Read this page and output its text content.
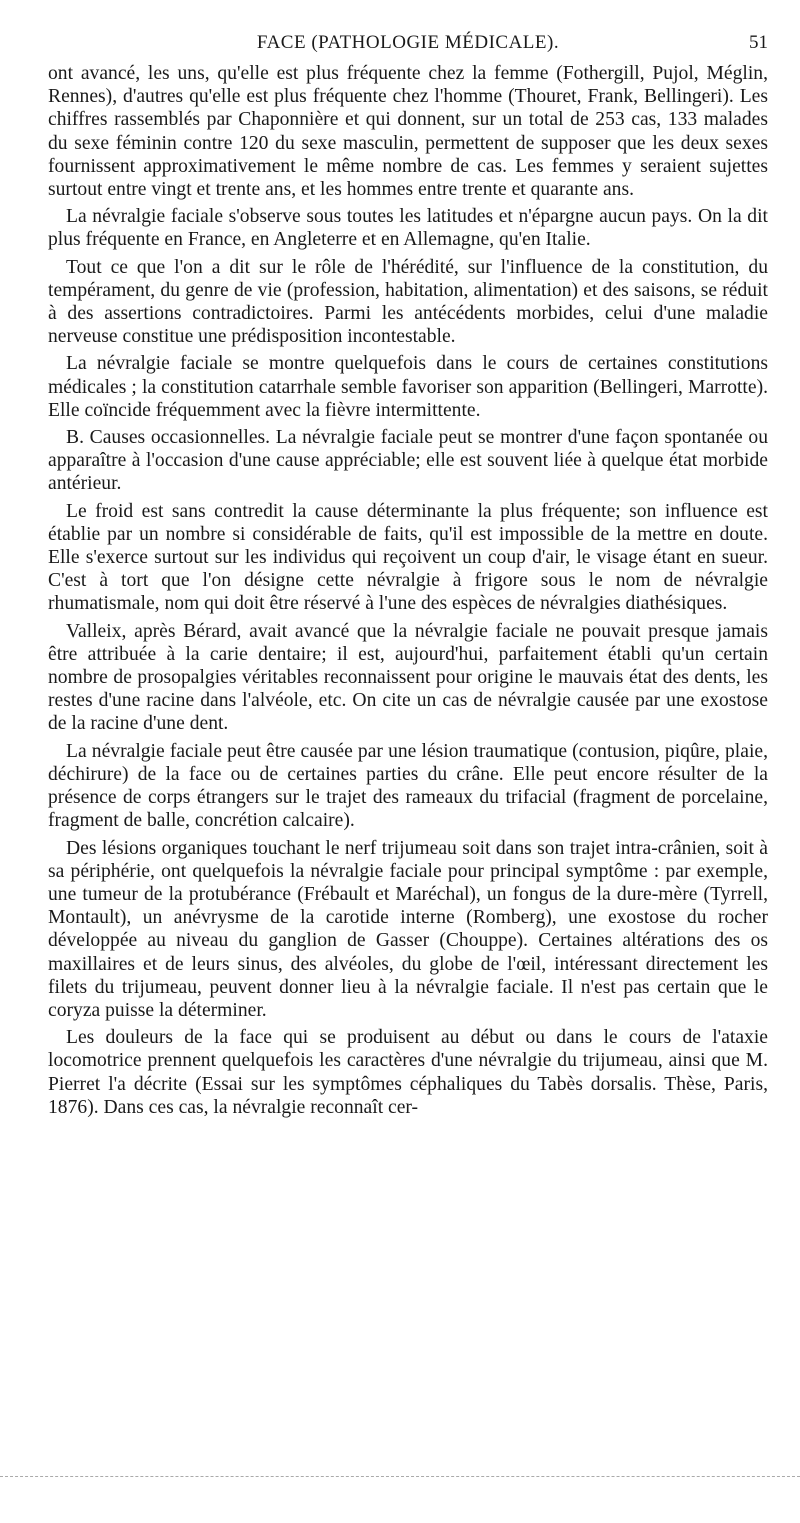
FACE (PATHOLOGIE MÉDICALE).	51

ont avancé, les uns, qu'elle est plus fréquente chez la femme (Fothergill, Pujol, Méglin, Rennes), d'autres qu'elle est plus fréquente chez l'homme (Thouret, Frank, Bellingeri). Les chiffres rassemblés par Chaponnière et qui donnent, sur un total de 253 cas, 133 malades du sexe féminin contre 120 du sexe masculin, permettent de supposer que les deux sexes fournissent approximativement le même nombre de cas. Les femmes y seraient sujettes surtout entre vingt et trente ans, et les hommes entre trente et quarante ans.

La névralgie faciale s'observe sous toutes les latitudes et n'épargne aucun pays. On la dit plus fréquente en France, en Angleterre et en Allemagne, qu'en Italie.

Tout ce que l'on a dit sur le rôle de l'hérédité, sur l'influence de la constitution, du tempérament, du genre de vie (profession, habitation, alimentation) et des saisons, se réduit à des assertions contradictoires. Parmi les antécédents morbides, celui d'une maladie nerveuse constitue une prédisposition incontestable.

La névralgie faciale se montre quelquefois dans le cours de certaines constitutions médicales ; la constitution catarrhale semble favoriser son apparition (Bellingeri, Marrotte). Elle coïncide fréquemment avec la fièvre intermittente.

B. Causes occasionnelles. La névralgie faciale peut se montrer d'une façon spontanée ou apparaître à l'occasion d'une cause appréciable; elle est souvent liée à quelque état morbide antérieur.

Le froid est sans contredit la cause déterminante la plus fréquente; son influence est établie par un nombre si considérable de faits, qu'il est impossible de la mettre en doute. Elle s'exerce surtout sur les individus qui reçoivent un coup d'air, le visage étant en sueur. C'est à tort que l'on désigne cette névralgie à frigore sous le nom de névralgie rhumatismale, nom qui doit être réservé à l'une des espèces de névralgies diathésiques.

Valleix, après Bérard, avait avancé que la névralgie faciale ne pouvait presque jamais être attribuée à la carie dentaire; il est, aujourd'hui, parfaitement établi qu'un certain nombre de prosopalgies véritables reconnaissent pour origine le mauvais état des dents, les restes d'une racine dans l'alvéole, etc. On cite un cas de névralgie causée par une exostose de la racine d'une dent.

La névralgie faciale peut être causée par une lésion traumatique (contusion, piqûre, plaie, déchirure) de la face ou de certaines parties du crâne. Elle peut encore résulter de la présence de corps étrangers sur le trajet des rameaux du trifacial (fragment de porcelaine, fragment de balle, concrétion calcaire).

Des lésions organiques touchant le nerf trijumeau soit dans son trajet intra-crânien, soit à sa périphérie, ont quelquefois la névralgie faciale pour principal symptôme : par exemple, une tumeur de la protubérance (Frébault et Maréchal), un fongus de la dure-mère (Tyrrell, Montault), un anévrysme de la carotide interne (Romberg), une exostose du rocher développée au niveau du ganglion de Gasser (Chouppe). Certaines altérations des os maxillaires et de leurs sinus, des alvéoles, du globe de l'œil, intéressant directement les filets du trijumeau, peuvent donner lieu à la névralgie faciale. Il n'est pas certain que le coryza puisse la déterminer.

Les douleurs de la face qui se produisent au début ou dans le cours de l'ataxie locomotrice prennent quelquefois les caractères d'une névralgie du trijumeau, ainsi que M. Pierret l'a décrite (Essai sur les symptômes céphaliques du Tabès dorsalis. Thèse, Paris, 1876). Dans ces cas, la névralgie reconnaît cer-
